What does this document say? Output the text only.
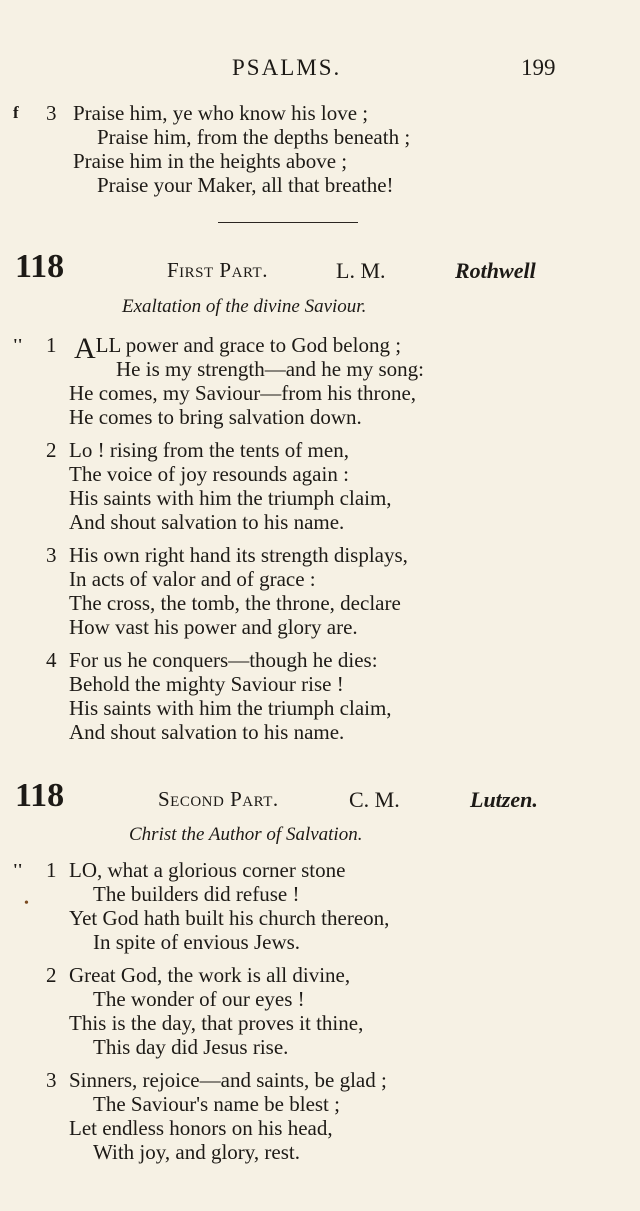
PSALMS.	199
f 3 Praise him, ye who know his love ;
Praise him, from the depths beneath ;
Praise him in the heights above ;
Praise your Maker, all that breathe!
118	First Part.	L. M.	Rothwell
Exaltation of the divine Saviour.
'' 1 ALL power and grace to God belong ;
He is my strength—and he my song:
He comes, my Saviour—from his throne,
He comes to bring salvation down.
2 Lo ! rising from the tents of men,
The voice of joy resounds again :
His saints with him the triumph claim,
And shout salvation to his name.
3 His own right hand its strength displays,
In acts of valor and of grace :
The cross, the tomb, the throne, declare
How vast his power and glory are.
4 For us he conquers—though he dies:
Behold the mighty Saviour rise !
His saints with him the triumph claim,
And shout salvation to his name.
118	Second Part.	C. M.	Lutzen.
Christ the Author of Salvation.
'' 1 LO, what a glorious corner stone
The builders did refuse !
Yet God hath built his church thereon,
In spite of envious Jews.
•
2 Great God, the work is all divine,
The wonder of our eyes !
This is the day, that proves it thine,
This day did Jesus rise.
3 Sinners, rejoice—and saints, be glad ;
The Saviour's name be blest ;
Let endless honors on his head,
With joy, and glory, rest.
